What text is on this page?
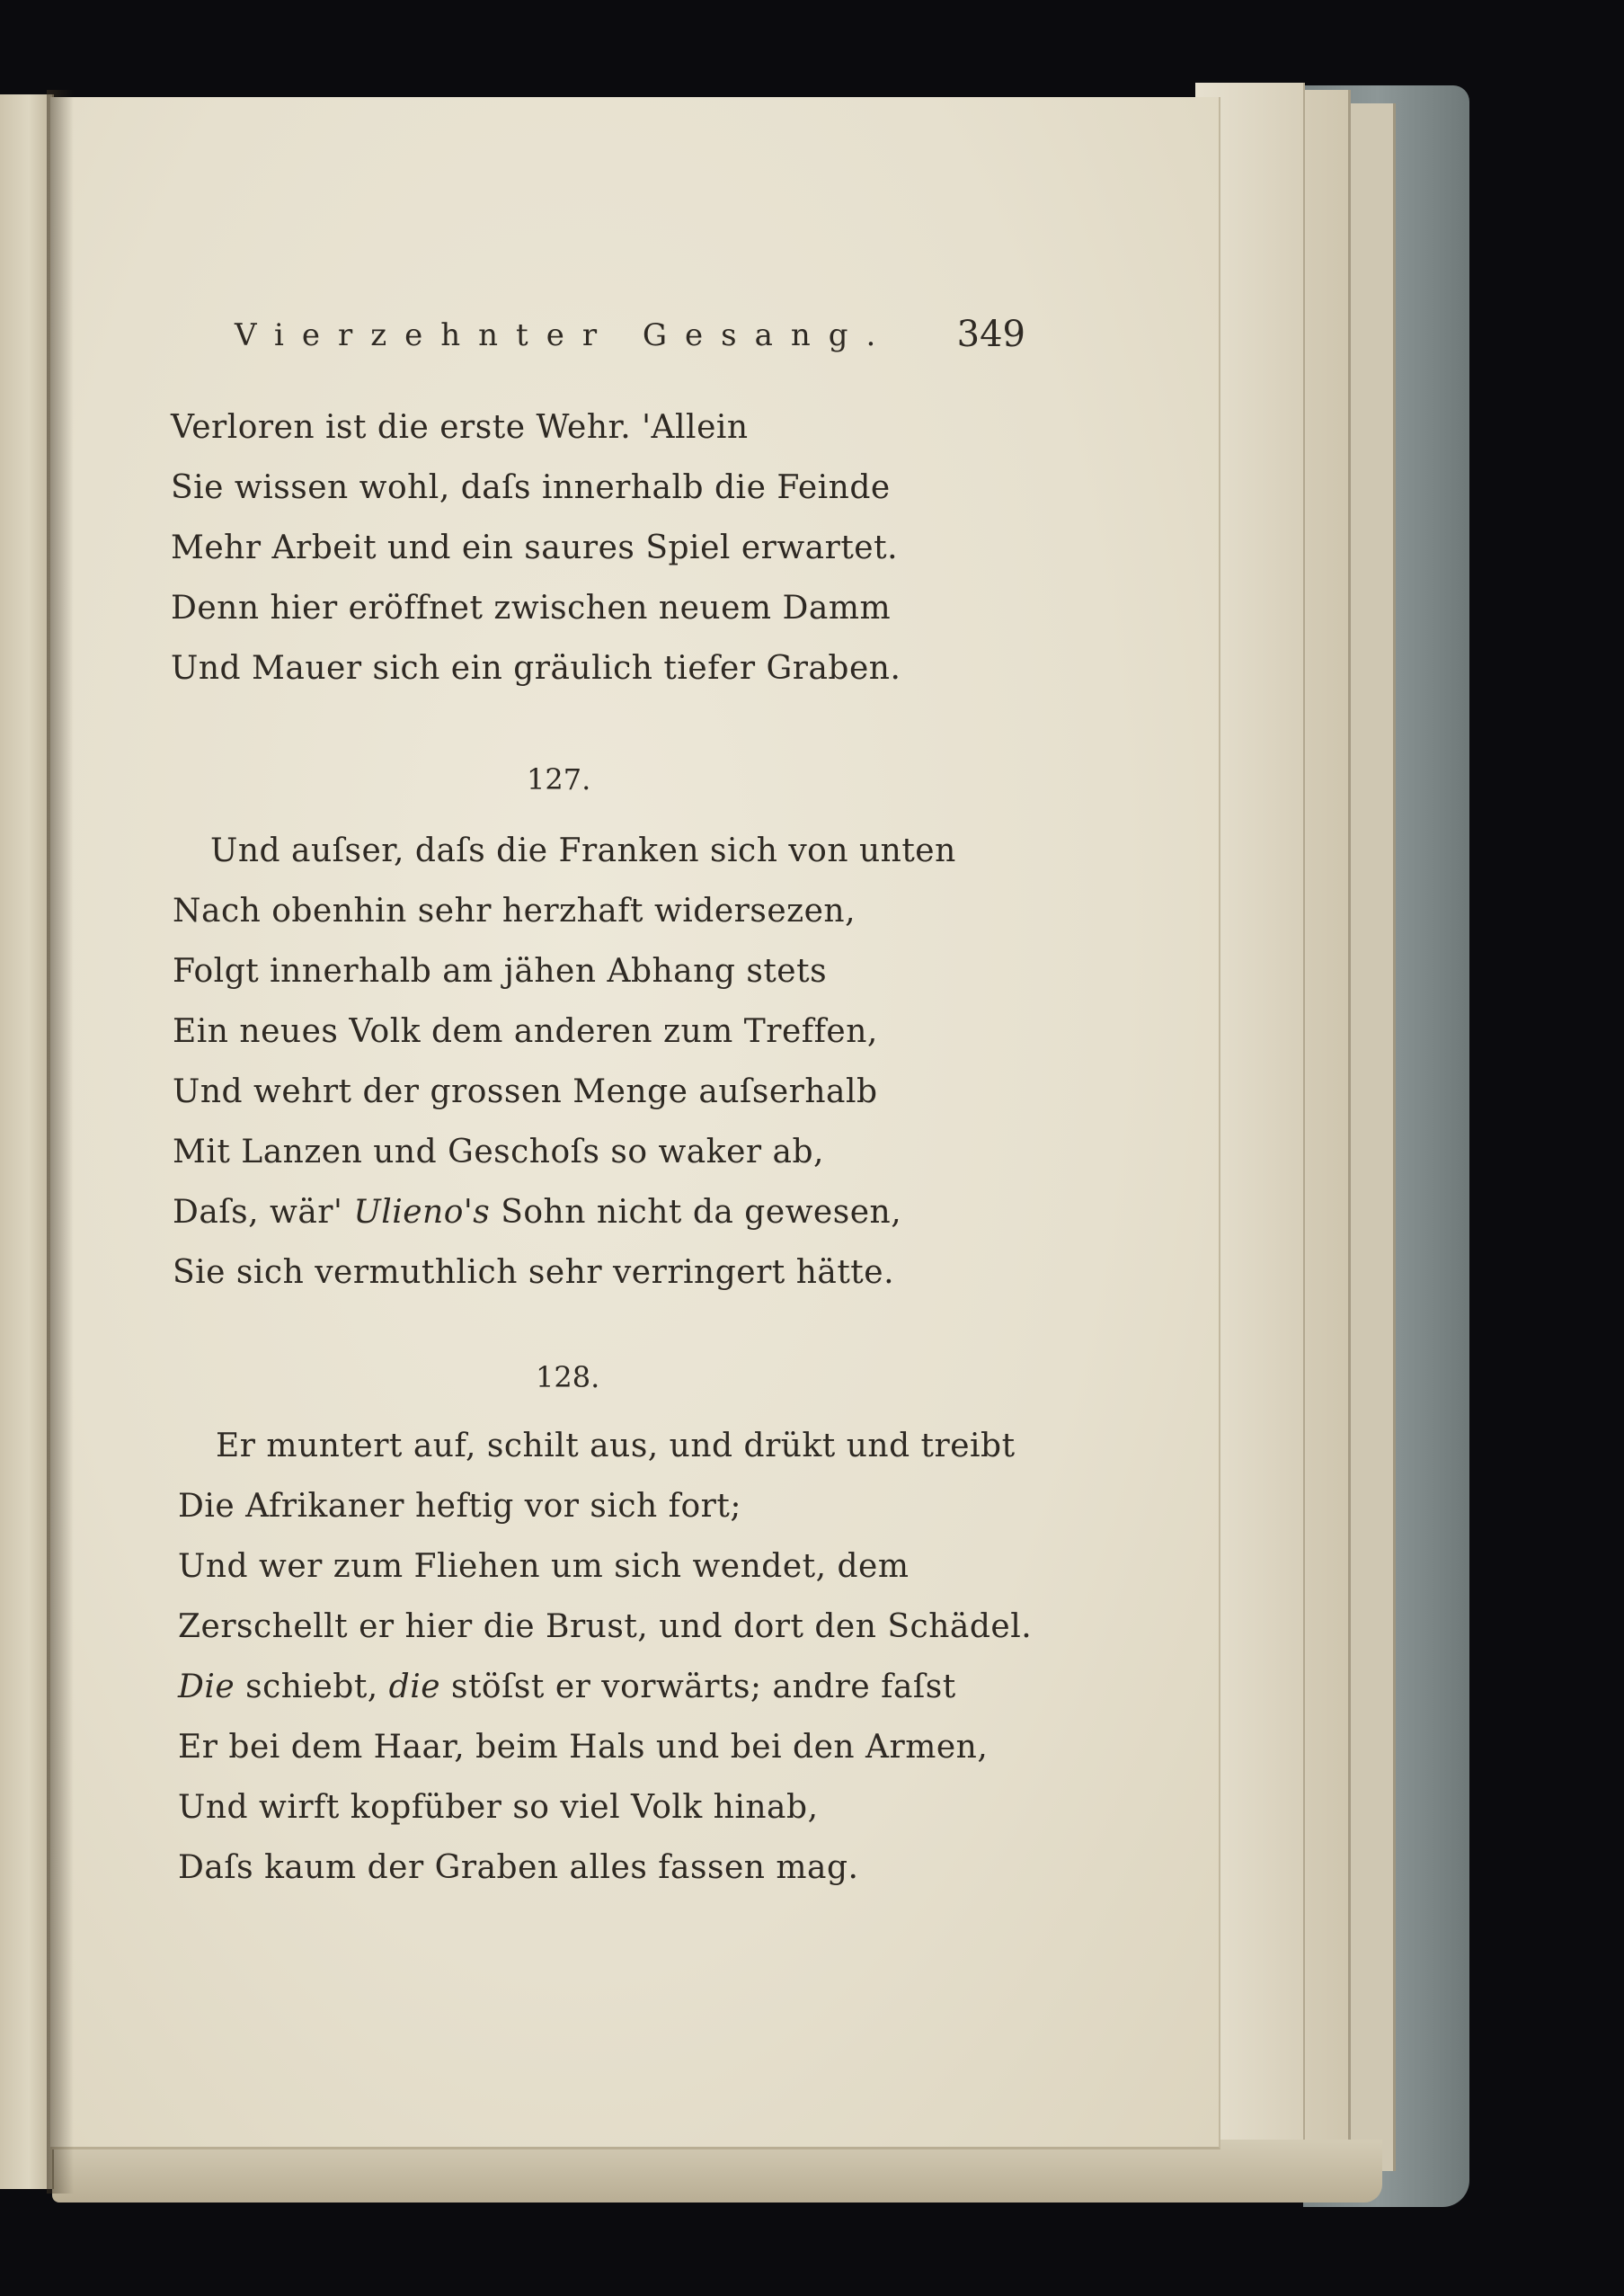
Vierzehnter Gesang. 349
Verloren ist die erste Wehr. 'Allein
Sie wissen wohl, daſs innerhalb die Feinde
Mehr Arbeit und ein saures Spiel erwartet.
Denn hier eröffnet zwischen neuem Damm
Und Mauer sich ein gräulich tiefer Graben.
127.
Und auſser, daſs die Franken sich von unten
Nach obenhin sehr herzhaft widersezen,
Folgt innerhalb am jähen Abhang stets
Ein neues Volk dem anderen zum Treffen,
Und wehrt der grossen Menge auſserhalb
Mit Lanzen und Geschoſs so waker ab,
Daſs, wär' Ulieno's Sohn nicht da gewesen,
Sie sich vermuthlich sehr verringert hätte.
128.
Er muntert auf, schilt aus, und drükt und treibt
Die Afrikaner heftig vor sich fort;
Und wer zum Fliehen um sich wendet, dem
Zerschellt er hier die Brust, und dort den Schädel.
Die schiebt, die stöſst er vorwärts; andre faſst
Er bei dem Haar, beim Hals und bei den Armen,
Und wirft kopfüber so viel Volk hinab,
Daſs kaum der Graben alles fassen mag.
